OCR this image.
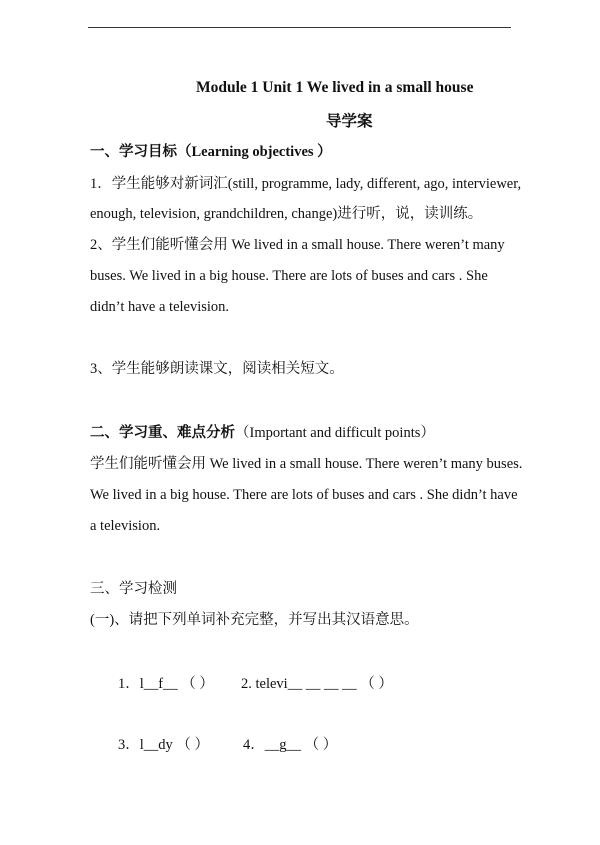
Module 1 Unit 1 We lived in a small house
导学案
一、学习目标（Learning objectives ）
1．学生能够对新词汇(still, programme, lady, different, ago, interviewer,
enough, television, grandchildren, change)进行听，说，读训练。
2、学生们能听懂会用 We lived in a small house. There weren’t many
buses. We lived in a big house. There are lots of buses and cars . She
didn’t have a television.
3、学生能够朗读课文，阅读相关短文。
二、学习重、难点分析（Important and difficult points）
学生们能听懂会用 We lived in a small house. There weren’t many buses.
We lived in a big house. There are lots of buses and cars . She didn’t have
a television.
三、学习检测
(一)、请把下列单词补充完整，并写出其汉语意思。
1．l__f__ （ ） 2. televi__ __ __ __ （ ）
3．l__dy （ ） 4．__g__ （ ）
